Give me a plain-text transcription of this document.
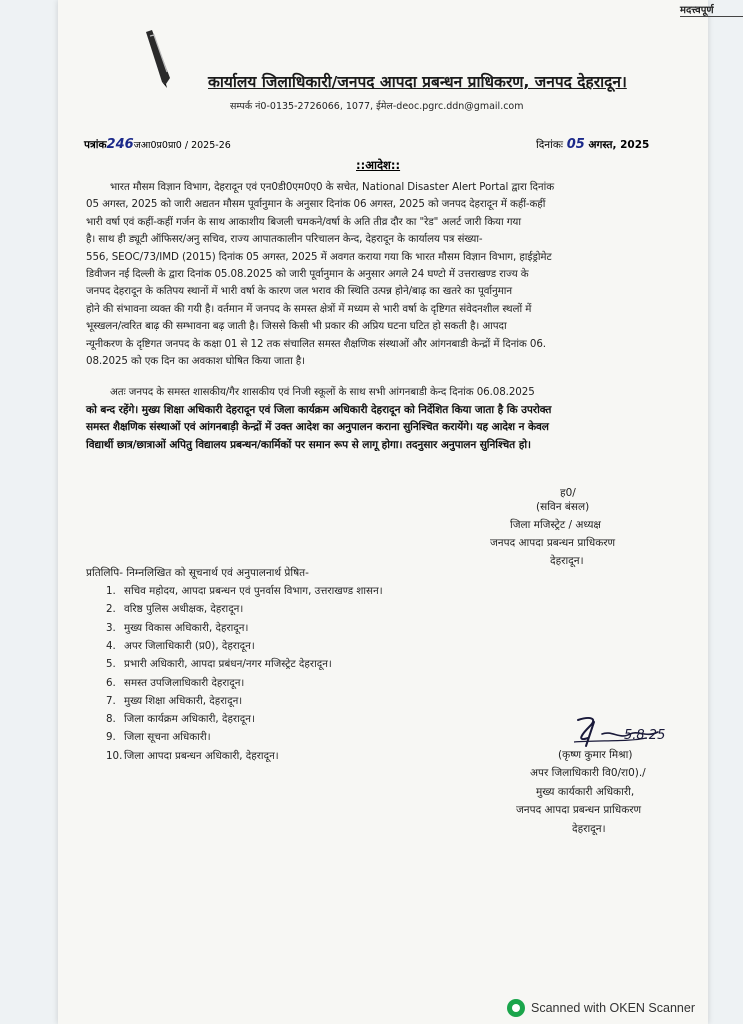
मदत्त्वपूर्ण
कार्यालय जिलाधिकारी/जनपद आपदा प्रबन्धन प्राधिकरण, जनपद देहरादून।
सम्पर्क नं0-0135-2726066, 1077, ईमेल-deoc.pgrc.ddn@gmail.com
पत्रांक246जआ0प्र0प्रा0 / 2025-26	दिनांकः 05 अगस्त, 2025
::आदेश::
भारत मौसम विज्ञान विभाग, देहरादून एवं एन0डी0एम0ए0 के सचेत, National Disaster Alert Portal द्वारा दिनांक
05 अगस्त, 2025 को जारी अद्यतन मौसम पूर्वानुमान के अनुसार दिनांक 06 अगस्त, 2025 को जनपद देहरादून में कहीं-कहीं
भारी वर्षा एवं कहीं-कहीं गर्जन के साथ आकाशीय बिजली चमकने/वर्षा के अति तीव्र दौर का "रेड" अलर्ट जारी किया गया
है। साथ ही ड्यूटी ऑफिसर/अनु सचिव, राज्य आपातकालीन परिचालन केन्द, देहरादून के कार्यालय पत्र संख्या-
556, SEOC/73/IMD (2015) दिनांक 05 अगस्त, 2025 में अवगत कराया गया कि भारत मौसम विज्ञान विभाग, हाईड्रोमेट
डिवीजन नई दिल्ली के द्वारा दिनांक 05.08.2025 को जारी पूर्वानुमान के अनुसार अगले 24 घण्टो में उत्तराखण्ड राज्य के
जनपद देहरादून के कतिपय स्थानों में भारी वर्षा के कारण जल भराव की स्थिति उत्पन्न होने/बाढ़ का खतरे का पूर्वानुमान
होने की संभावना व्यक्त की गयी है। वर्तमान में जनपद के समस्त क्षेत्रों में मध्यम से भारी वर्षा के दृष्टिगत संवेदनशील स्थलों में
भूस्खलन/त्वरित बाढ़ की सम्भावना बढ़ जाती है। जिससे किसी भी प्रकार की अप्रिय घटना घटित हो सकती है। आपदा
न्यूनीकरण के दृष्टिगत जनपद के कक्षा 01 से 12 तक संचालित समस्त शैक्षणिक संस्थाओं और आंगनबाडी केन्द्रों में दिनांक 06.
08.2025 को एक दिन का अवकाश घोषित किया जाता है।
अतः जनपद के समस्त शासकीय/गैर शासकीय एवं निजी स्कूलों के साथ सभी आंगनबाडी केन्द दिनांक 06.08.2025
को बन्द रहेंगे। मुख्य शिक्षा अधिकारी देहरादून एवं जिला कार्यक्रम अधिकारी देहरादून को निर्देशित किया जाता है कि उपरोक्त
समस्त शैक्षणिक संस्थाओं एवं आंगनबाड़ी केन्द्रों में उक्त आदेश का अनुपालन कराना सुनिश्चित करायेंगे। यह आदेश न केवल
विद्यार्थी छात्र/छात्राओं अपितु विद्यालय प्रबन्धन/कार्मिकों पर समान रूप से लागू होगा। तदनुसार अनुपालन सुनिश्चित हो।
ह0/
(सविन बंसल)
जिला मजिस्ट्रेट / अध्यक्ष
जनपद आपदा प्रबन्धन प्राधिकरण
देहरादून।
प्रतिलिपि- निम्नलिखित को सूचनार्थ एवं अनुपालनार्थ प्रेषित-
1. सचिव महोदय, आपदा प्रबन्धन एवं पुनर्वास विभाग, उत्तराखण्ड शासन।
2. वरिष्ठ पुलिस अधीक्षक, देहरादून।
3. मुख्य विकास अधिकारी, देहरादून।
4. अपर जिलाधिकारी (प्र0), देहरादून।
5. प्रभारी अधिकारी, आपदा प्रबंधन/नगर मजिस्ट्रेट देहरादून।
6. समस्त उपजिलाधिकारी देहरादून।
7. मुख्य शिक्षा अधिकारी, देहरादून।
8. जिला कार्यक्रम अधिकारी, देहरादून।
9. जिला सूचना अधिकारी।
10. जिला आपदा प्रबन्धन अधिकारी, देहरादून।
5.8.25
(कृष्ण कुमार मिश्रा)
अपर जिलाधिकारी वि0/रा0)./
मुख्य कार्यकारी अधिकारी,
जनपद आपदा प्रबन्धन प्राधिकरण
देहरादून।
Scanned with OKEN Scanner
